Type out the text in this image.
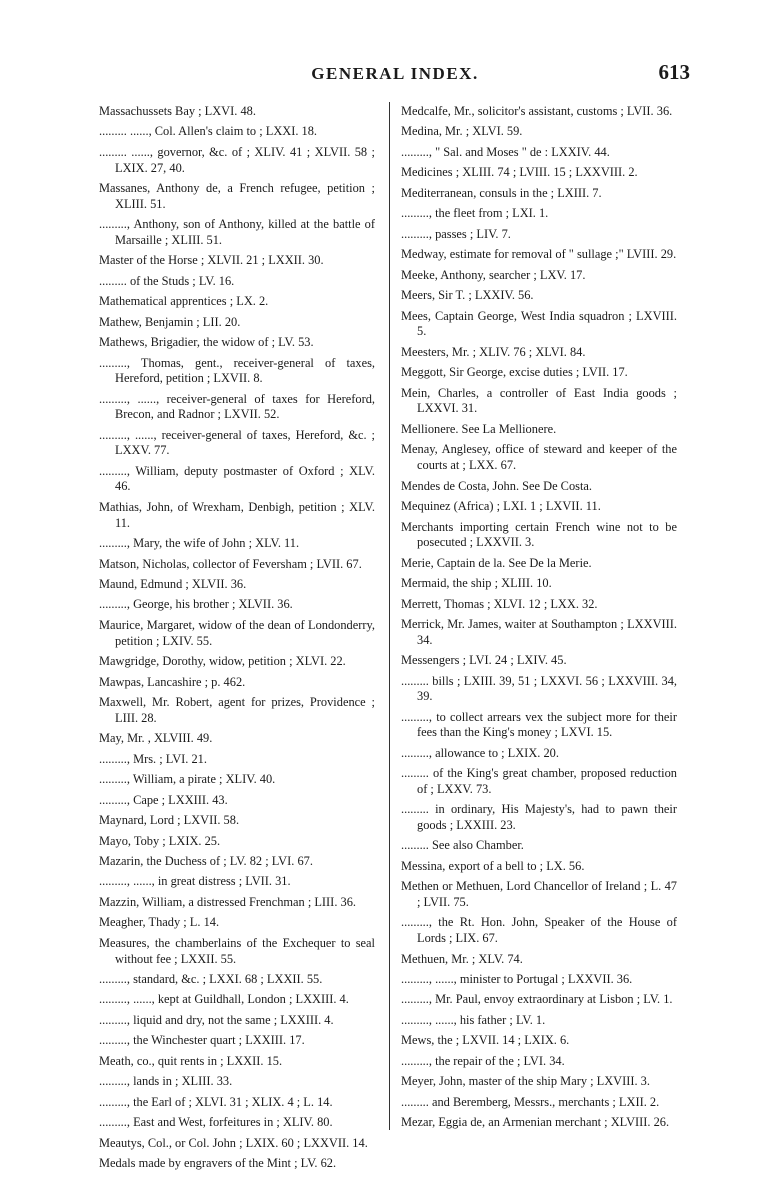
GENERAL INDEX.	613
Massachussets Bay ; LXVI. 48.
......... ......, Col. Allen's claim to ; LXXI. 18.
......... ......, governor, &c. of ; XLIV. 41 ; XLVII. 58 ; LXIX. 27, 40.
Massanes, Anthony de, a French refugee, petition ; XLIII. 51.
........., Anthony, son of Anthony, killed at the battle of Marsaille ; XLIII. 51.
Master of the Horse ; XLVII. 21 ; LXXII. 30.
......... of the Studs ; LV. 16.
Mathematical apprentices ; LX. 2.
Mathew, Benjamin ; LII. 20.
Mathews, Brigadier, the widow of ; LV. 53.
........., Thomas, gent., receiver-general of taxes, Hereford, petition ; LXVII. 8.
........., ......, receiver-general of taxes for Hereford, Brecon, and Radnor ; LXVII. 52.
........., ......, receiver-general of taxes, Hereford, &c. ; LXXV. 77.
........., William, deputy postmaster of Oxford ; XLV. 46.
Mathias, John, of Wrexham, Denbigh, petition ; XLV. 11.
........., Mary, the wife of John ; XLV. 11.
Matson, Nicholas, collector of Feversham ; LVII. 67.
Maund, Edmund ; XLVII. 36.
........., George, his brother ; XLVII. 36.
Maurice, Margaret, widow of the dean of Londonderry, petition ; LXIV. 55.
Mawgridge, Dorothy, widow, petition ; XLVI. 22.
Mawpas, Lancashire ; p. 462.
Maxwell, Mr. Robert, agent for prizes, Providence ; LIII. 28.
May, Mr. , XLVIII. 49.
........., Mrs. ; LVI. 21.
........., William, a pirate ; XLIV. 40.
........., Cape ; LXXIII. 43.
Maynard, Lord ; LXVII. 58.
Mayo, Toby ; LXIX. 25.
Mazarin, the Duchess of ; LV. 82 ; LVI. 67.
........., ......, in great distress ; LVII. 31.
Mazzin, William, a distressed Frenchman ; LIII. 36.
Meagher, Thady ; L. 14.
Measures, the chamberlains of the Exchequer to seal without fee ; LXXII. 55.
........., standard, &c. ; LXXI. 68 ; LXXII. 55.
........., ......, kept at Guildhall, London ; LXXIII. 4.
........., liquid and dry, not the same ; LXXIII. 4.
........., the Winchester quart ; LXXIII. 17.
Meath, co., quit rents in ; LXXII. 15.
........., lands in ; XLIII. 33.
........., the Earl of ; XLVI. 31 ; XLIX. 4 ; L. 14.
........., East and West, forfeitures in ; XLIV. 80.
Meautys, Col., or Col. John ; LXIX. 60 ; LXXVII. 14.
Medals made by engravers of the Mint ; LV. 62.
Medcalfe, Mr., solicitor's assistant, customs ; LVII. 36.
Medina, Mr. ; XLVI. 59.
........., " Sal. and Moses " de : LXXIV. 44.
Medicines ; XLIII. 74 ; LVIII. 15 ; LXXVIII. 2.
Mediterranean, consuls in the ; LXIII. 7.
........., the fleet from ; LXI. 1.
........., passes ; LIV. 7.
Medway, estimate for removal of " sullage ;" LVIII. 29.
Meeke, Anthony, searcher ; LXV. 17.
Meers, Sir T. ; LXXIV. 56.
Mees, Captain George, West India squadron ; LXVIII. 5.
Meesters, Mr. ; XLIV. 76 ; XLVI. 84.
Meggott, Sir George, excise duties ; LVII. 17.
Mein, Charles, a controller of East India goods ; LXXVI. 31.
Mellionere. See La Mellionere.
Menay, Anglesey, office of steward and keeper of the courts at ; LXX. 67.
Mendes de Costa, John. See De Costa.
Mequinez (Africa) ; LXI. 1 ; LXVII. 11.
Merchants importing certain French wine not to be posecuted ; LXXVII. 3.
Merie, Captain de la. See De la Merie.
Mermaid, the ship ; XLIII. 10.
Merrett, Thomas ; XLVI. 12 ; LXX. 32.
Merrick, Mr. James, waiter at Southampton ; LXXVIII. 34.
Messengers ; LVI. 24 ; LXIV. 45.
......... bills ; LXIII. 39, 51 ; LXXVI. 56 ; LXXVIII. 34, 39.
........., to collect arrears vex the subject more for their fees than the King's money ; LXVI. 15.
........., allowance to ; LXIX. 20.
......... of the King's great chamber, proposed reduction of ; LXXV. 73.
......... in ordinary, His Majesty's, had to pawn their goods ; LXXIII. 23.
......... See also Chamber.
Messina, export of a bell to ; LX. 56.
Methen or Methuen, Lord Chancellor of Ireland ; L. 47 ; LVII. 75.
........., the Rt. Hon. John, Speaker of the House of Lords ; LIX. 67.
Methuen, Mr. ; XLV. 74.
........., ......, minister to Portugal ; LXXVII. 36.
........., Mr. Paul, envoy extraordinary at Lisbon ; LV. 1.
........., ......, his father ; LV. 1.
Mews, the ; LXVII. 14 ; LXIX. 6.
........., the repair of the ; LVI. 34.
Meyer, John, master of the ship Mary ; LXVIII. 3.
......... and Beremberg, Messrs., merchants ; LXII. 2.
Mezar, Eggia de, an Armenian merchant ; XLVIII. 26.
